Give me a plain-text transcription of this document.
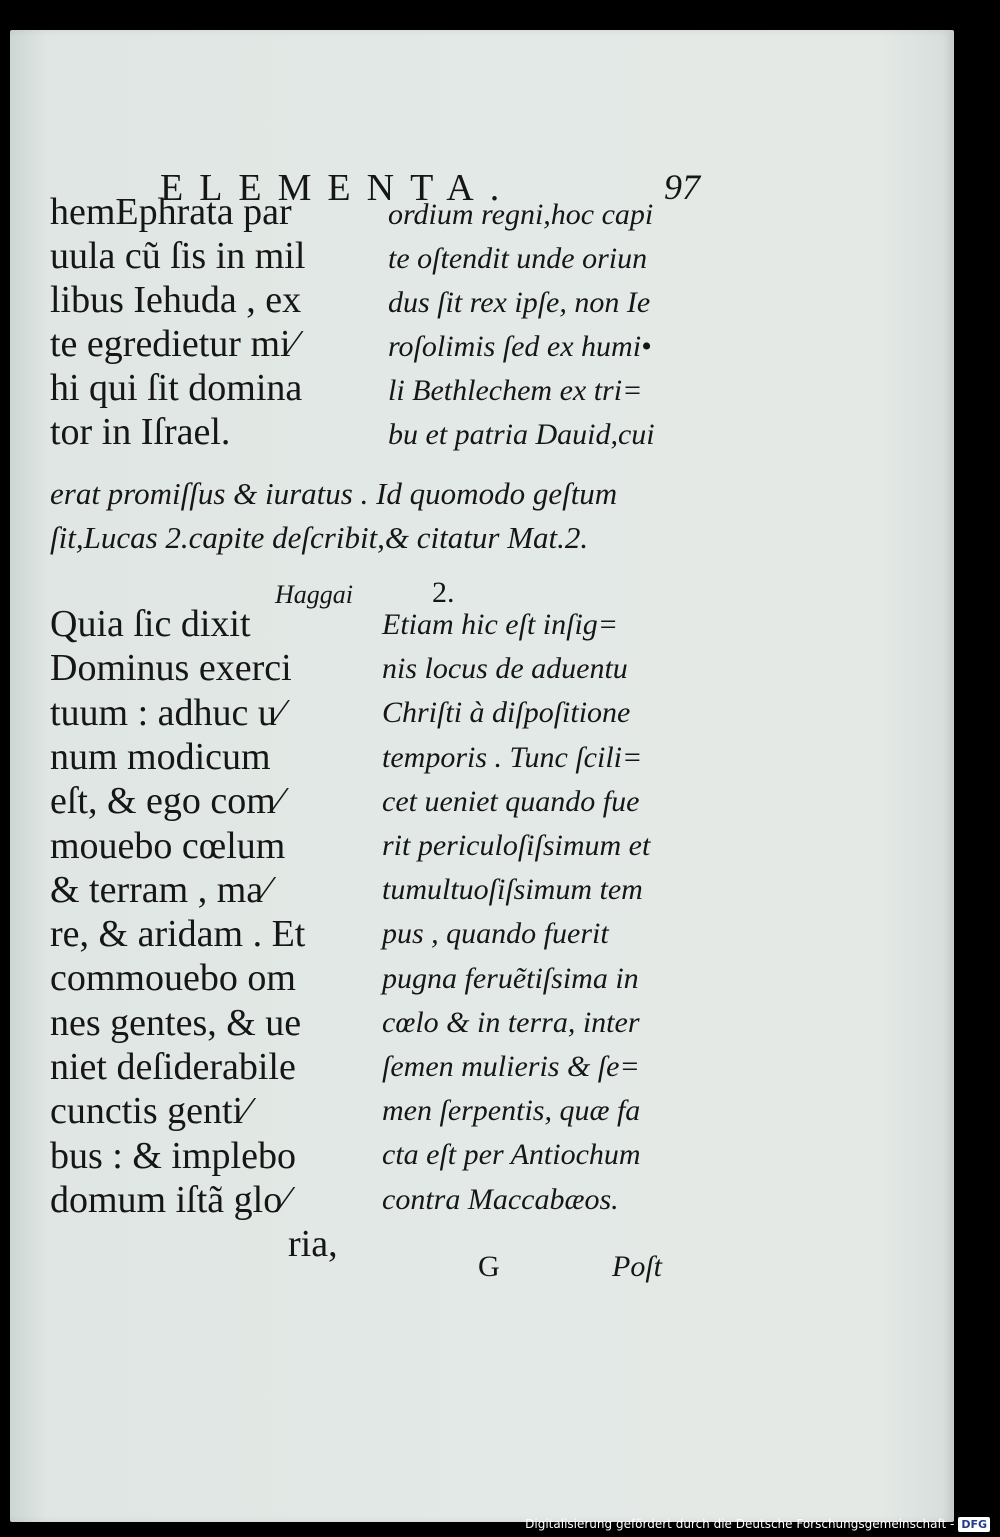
ELEMENTA.	97
hemEphrata par
uula cũ ſis in mil
libus Iehuda , ex
te egredietur mi⁄
hi qui ſit domina
tor in Iſrael.
ordium regni,hoc capi
te oſtendit unde oriun
dus ſit rex ipſe, non Ie
roſolimis ſed ex humi•
li Bethlechem ex tri=
bu et patria Dauid,cui
erat promiſſus & iuratus . Id quomodo geſtum
ſit,Lucas 2.capite deſcribit,& citatur Mat.2.
Haggai	2.
Quia ſic dixit
Dominus exerci
tuum : adhuc u⁄
num modicum
eſt, & ego com⁄
mouebo cœlum
& terram , ma⁄
re, & aridam . Et
commouebo om
nes gentes, & ue
niet deſiderabile
cunctis genti⁄
bus : & implebo
domum iſtã glo⁄
ria,
Etiam hic eſt inſig=
nis locus de aduentu
Chriſti à diſpoſitione
temporis . Tunc ſcili=
cet ueniet quando fue
rit periculoſiſsimum et
tumultuoſiſsimum tem
pus , quando fuerit
pugna feruẽtiſsima in
cœlo & in terra, inter
ſemen mulieris & ſe=
men ſerpentis, quæ fa
cta eſt per Antiochum
contra Maccabæos.
G	Poſt
Digitalisierung gefördert durch die Deutsche Forschungsgemeinschaft - DFG
